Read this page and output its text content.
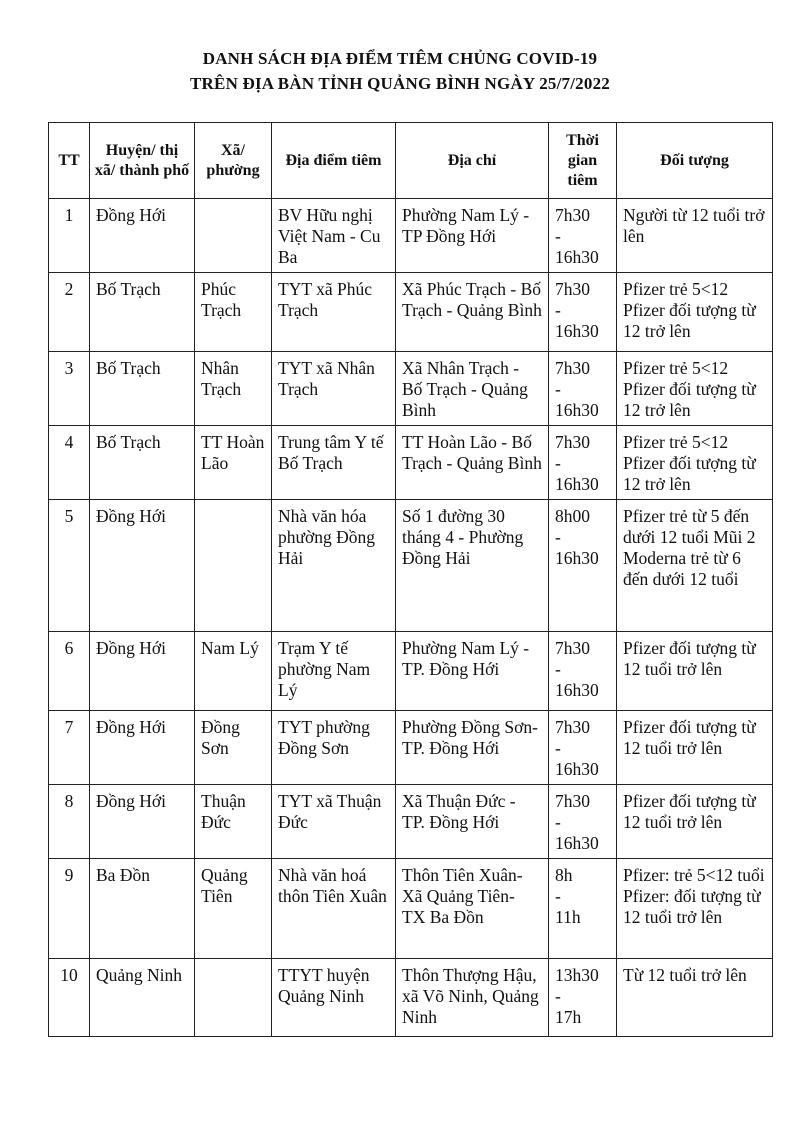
DANH SÁCH ĐỊA ĐIỂM TIÊM CHỦNG COVID-19
TRÊN ĐỊA BÀN TỈNH QUẢNG BÌNH NGÀY 25/7/2022
TT	Huyện/ thị xã/ thành phố	Xã/ phường	Địa điểm tiêm	Địa chỉ	Thời gian tiêm	Đối tượng
1	Đồng Hới		BV Hữu nghị Việt Nam - Cu Ba	Phường Nam Lý - TP Đồng Hới	7h30
-
16h30	Người từ 12 tuổi trở lên
2	Bố Trạch	Phúc Trạch	TYT xã Phúc Trạch	Xã Phúc Trạch - Bố Trạch - Quảng Bình	7h30
-
16h30	Pfizer trẻ 5<12 Pfizer đối tượng từ 12 trở lên
3	Bố Trạch	Nhân Trạch	TYT xã Nhân Trạch	Xã Nhân Trạch - Bố Trạch - Quảng Bình	7h30
-
16h30	Pfizer trẻ 5<12 Pfizer đối tượng từ 12 trở lên
4	Bố Trạch	TT Hoàn Lão	Trung tâm Y tế Bố Trạch	TT Hoàn Lão - Bố Trạch - Quảng Bình	7h30
-
16h30	Pfizer trẻ 5<12 Pfizer đối tượng từ 12 trở lên
5	Đồng Hới		Nhà văn hóa phường Đồng Hải	Số 1 đường 30 tháng 4 - Phường Đồng Hải	8h00
-
16h30	Pfizer trẻ từ 5 đến dưới 12 tuổi Mũi 2 Moderna trẻ từ 6 đến dưới 12 tuổi
6	Đồng Hới	Nam Lý	Trạm Y tế phường Nam Lý	Phường Nam Lý - TP. Đồng Hới	7h30
-
16h30	Pfizer đối tượng từ 12 tuổi trở lên
7	Đồng Hới	Đồng Sơn	TYT phường Đồng Sơn	Phường Đồng Sơn- TP. Đồng Hới	7h30
-
16h30	Pfizer đối tượng từ 12 tuổi trở lên
8	Đồng Hới	Thuận Đức	TYT xã Thuận Đức	Xã Thuận Đức - TP. Đồng Hới	7h30
-
16h30	Pfizer đối tượng từ 12 tuổi trở lên
9	Ba Đồn	Quảng Tiên	Nhà văn hoá thôn Tiên Xuân	Thôn Tiên Xuân- Xã Quảng Tiên- TX Ba Đồn	8h
-
11h	Pfizer: trẻ 5<12 tuổi Pfizer: đối tượng từ 12 tuổi trở lên
10	Quảng Ninh		TTYT huyện Quảng Ninh	Thôn Thượng Hậu, xã Võ Ninh, Quảng Ninh	13h30
-
17h	Từ 12 tuổi trở lên
